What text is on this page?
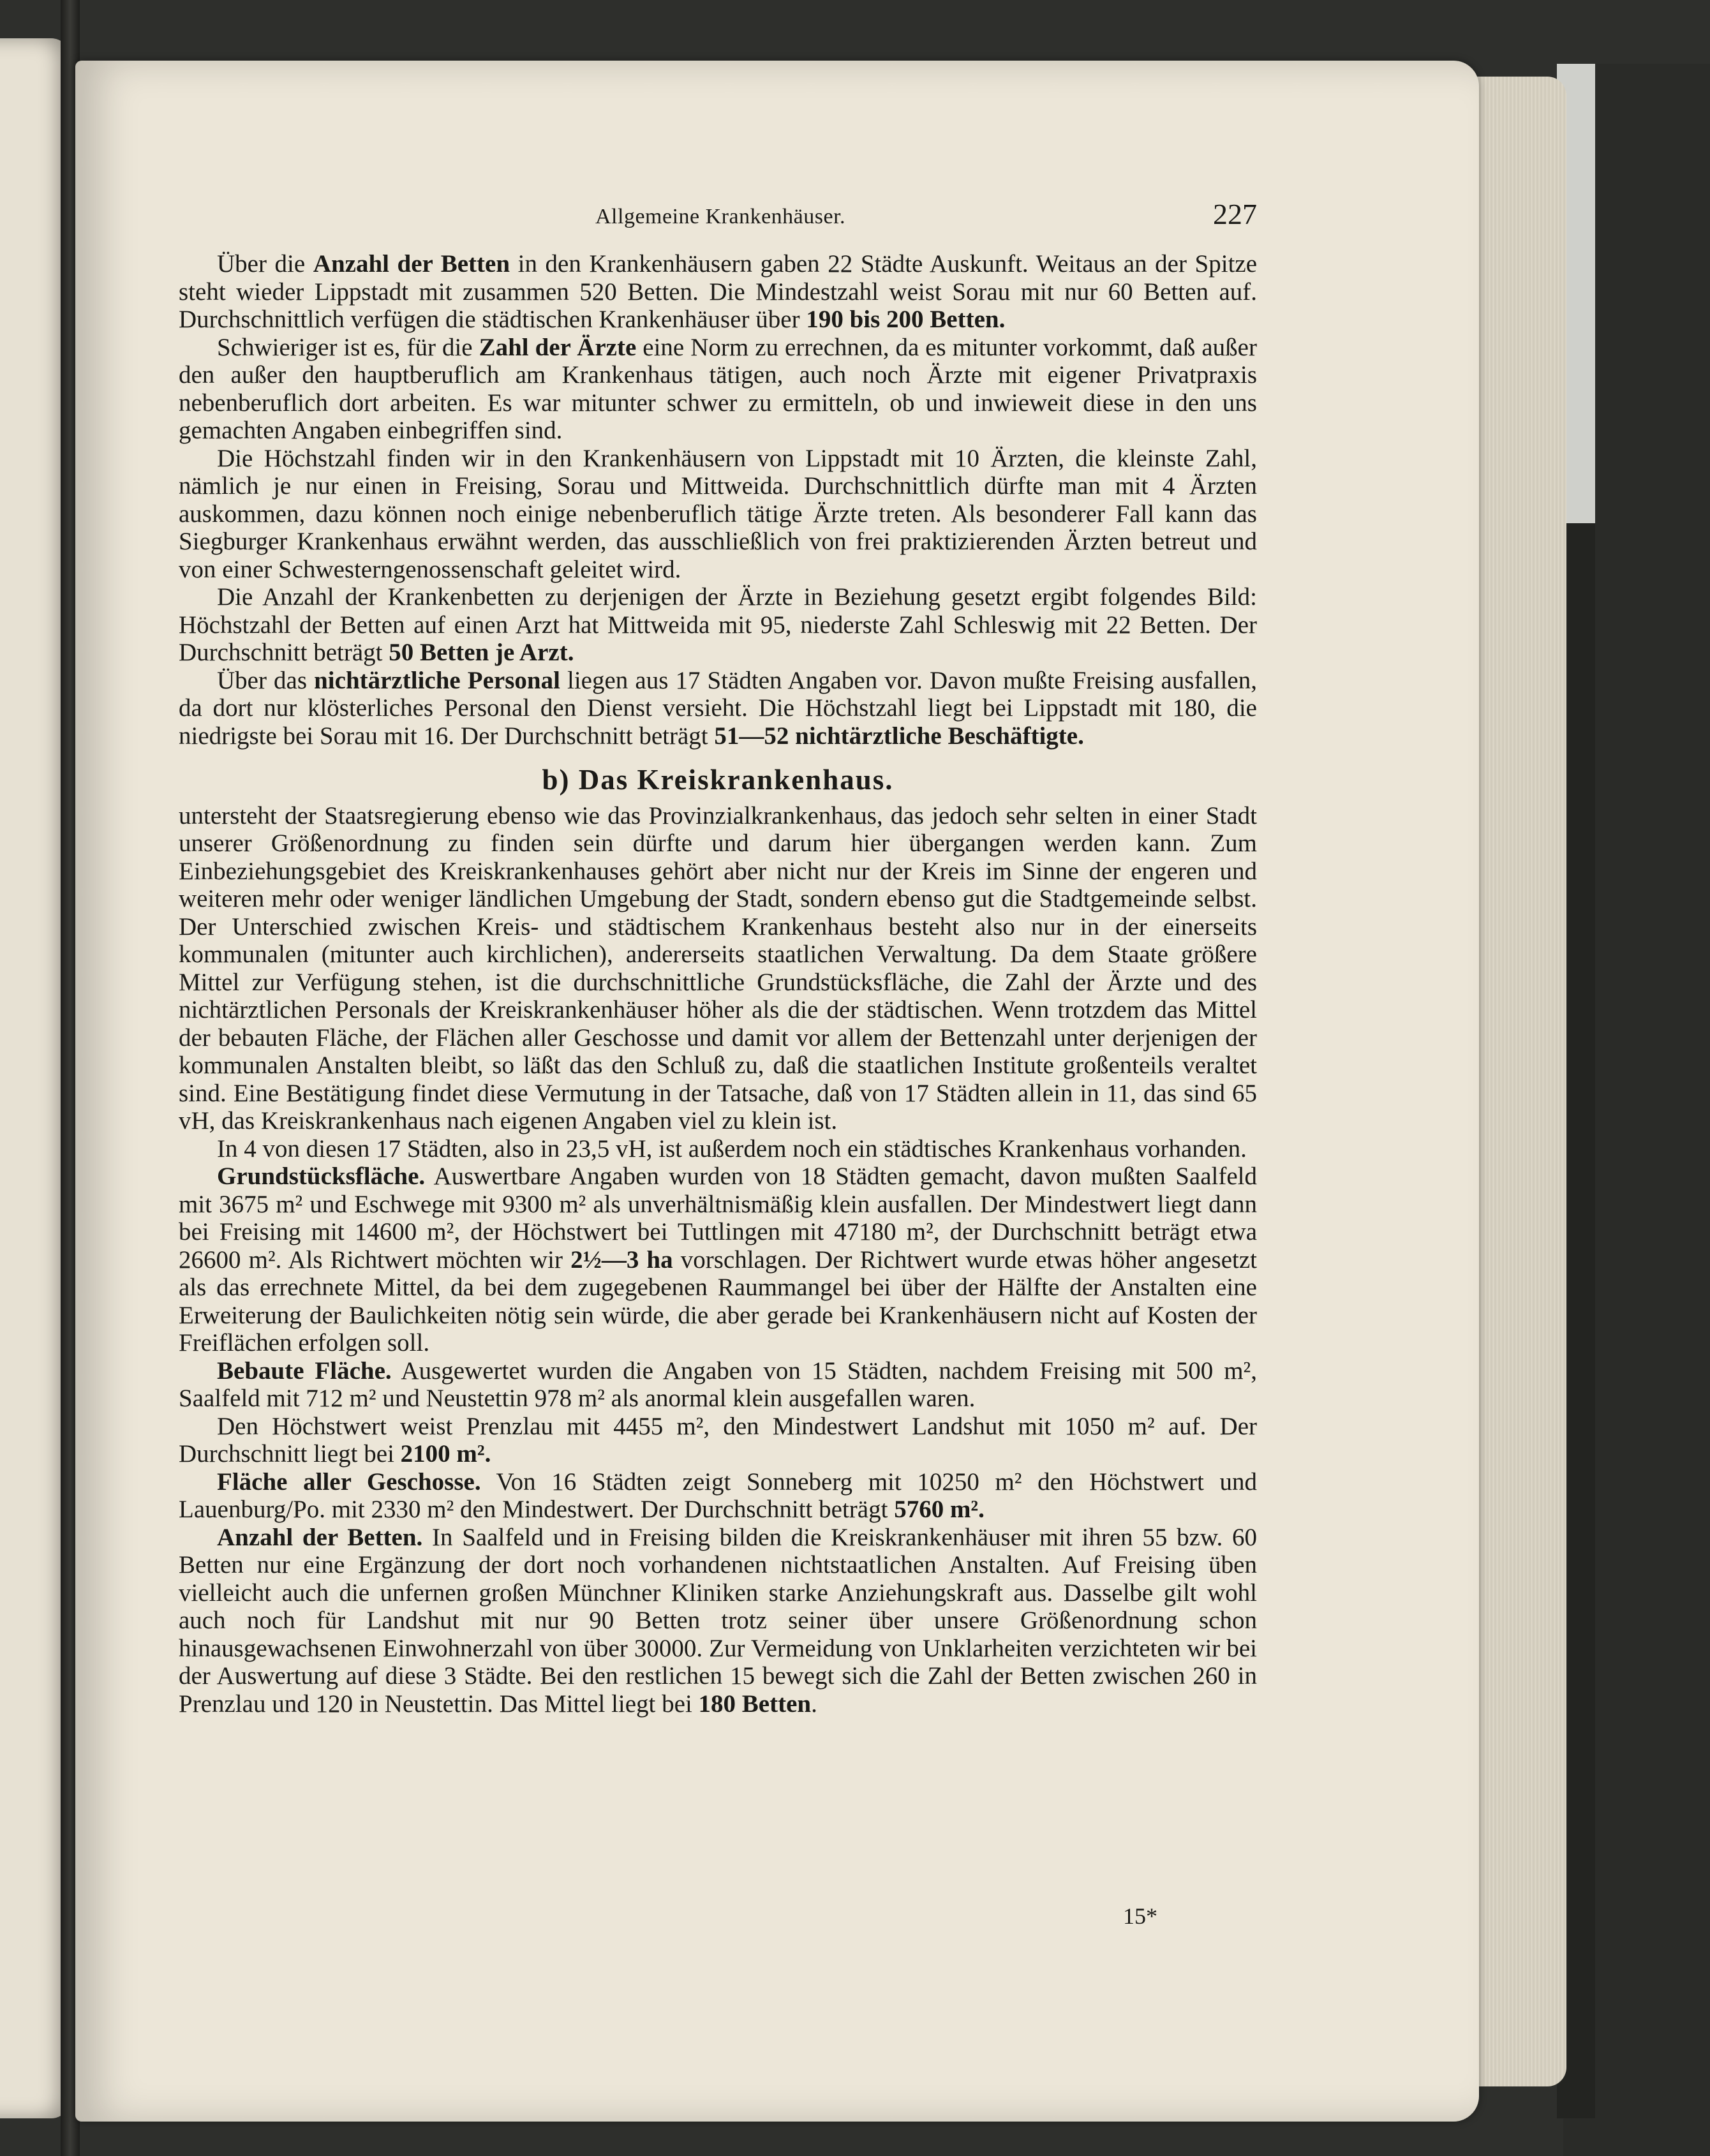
Allgemeine Krankenhäuser.	227

Über die Anzahl der Betten in den Krankenhäusern gaben 22 Städte Auskunft. Weitaus an der Spitze steht wieder Lippstadt mit zusammen 520 Betten. Die Mindestzahl weist Sorau mit nur 60 Betten auf. Durchschnittlich verfügen die städtischen Krankenhäuser über 190 bis 200 Betten.

Schwieriger ist es, für die Zahl der Ärzte eine Norm zu errechnen, da es mitunter vorkommt, daß außer den außer den hauptberuflich am Krankenhaus tätigen, auch noch Ärzte mit eigener Privatpraxis nebenberuflich dort arbeiten. Es war mitunter schwer zu ermitteln, ob und inwieweit diese in den uns gemachten Angaben einbegriffen sind.

Die Höchstzahl finden wir in den Krankenhäusern von Lippstadt mit 10 Ärzten, die kleinste Zahl, nämlich je nur einen in Freising, Sorau und Mittweida. Durchschnittlich dürfte man mit 4 Ärzten auskommen, dazu können noch einige nebenberuflich tätige Ärzte treten. Als besonderer Fall kann das Siegburger Krankenhaus erwähnt werden, das ausschließlich von frei praktizierenden Ärzten betreut und von einer Schwesterngenossenschaft geleitet wird.

Die Anzahl der Krankenbetten zu derjenigen der Ärzte in Beziehung gesetzt ergibt folgendes Bild: Höchstzahl der Betten auf einen Arzt hat Mittweida mit 95, niederste Zahl Schleswig mit 22 Betten. Der Durchschnitt beträgt 50 Betten je Arzt.

Über das nichtärztliche Personal liegen aus 17 Städten Angaben vor. Davon mußte Freising ausfallen, da dort nur klösterliches Personal den Dienst versieht. Die Höchstzahl liegt bei Lippstadt mit 180, die niedrigste bei Sorau mit 16. Der Durchschnitt beträgt 51—52 nichtärztliche Beschäftigte.

b) Das Kreiskrankenhaus.

untersteht der Staatsregierung ebenso wie das Provinzialkrankenhaus, das jedoch sehr selten in einer Stadt unserer Größenordnung zu finden sein dürfte und darum hier übergangen werden kann. Zum Einbeziehungsgebiet des Kreiskrankenhauses gehört aber nicht nur der Kreis im Sinne der engeren und weiteren mehr oder weniger ländlichen Umgebung der Stadt, sondern ebenso gut die Stadtgemeinde selbst. Der Unterschied zwischen Kreis- und städtischem Krankenhaus besteht also nur in der einerseits kommunalen (mitunter auch kirchlichen), andererseits staatlichen Verwaltung. Da dem Staate größere Mittel zur Verfügung stehen, ist die durchschnittliche Grundstücksfläche, die Zahl der Ärzte und des nichtärztlichen Personals der Kreiskrankenhäuser höher als die der städtischen. Wenn trotzdem das Mittel der bebauten Fläche, der Flächen aller Geschosse und damit vor allem der Bettenzahl unter derjenigen der kommunalen Anstalten bleibt, so läßt das den Schluß zu, daß die staatlichen Institute großenteils veraltet sind. Eine Bestätigung findet diese Vermutung in der Tatsache, daß von 17 Städten allein in 11, das sind 65 vH, das Kreiskrankenhaus nach eigenen Angaben viel zu klein ist.

In 4 von diesen 17 Städten, also in 23,5 vH, ist außerdem noch ein städtisches Krankenhaus vorhanden.

Grundstücksfläche. Auswertbare Angaben wurden von 18 Städten gemacht, davon mußten Saalfeld mit 3675 m² und Eschwege mit 9300 m² als unverhältnismäßig klein ausfallen. Der Mindestwert liegt dann bei Freising mit 14600 m², der Höchstwert bei Tuttlingen mit 47180 m², der Durchschnitt beträgt etwa 26600 m². Als Richtwert möchten wir 2½—3 ha vorschlagen. Der Richtwert wurde etwas höher angesetzt als das errechnete Mittel, da bei dem zugegebenen Raummangel bei über der Hälfte der Anstalten eine Erweiterung der Baulichkeiten nötig sein würde, die aber gerade bei Krankenhäusern nicht auf Kosten der Freiflächen erfolgen soll.

Bebaute Fläche. Ausgewertet wurden die Angaben von 15 Städten, nachdem Freising mit 500 m², Saalfeld mit 712 m² und Neustettin 978 m² als anormal klein ausgefallen waren.

Den Höchstwert weist Prenzlau mit 4455 m², den Mindestwert Landshut mit 1050 m² auf. Der Durchschnitt liegt bei 2100 m².

Fläche aller Geschosse. Von 16 Städten zeigt Sonneberg mit 10250 m² den Höchstwert und Lauenburg/Po. mit 2330 m² den Mindestwert. Der Durchschnitt beträgt 5760 m².

Anzahl der Betten. In Saalfeld und in Freising bilden die Kreiskrankenhäuser mit ihren 55 bzw. 60 Betten nur eine Ergänzung der dort noch vorhandenen nichtstaatlichen Anstalten. Auf Freising üben vielleicht auch die unfernen großen Münchner Kliniken starke Anziehungskraft aus. Dasselbe gilt wohl auch noch für Landshut mit nur 90 Betten trotz seiner über unsere Größenordnung schon hinausgewachsenen Einwohnerzahl von über 30000. Zur Vermeidung von Unklarheiten verzichteten wir bei der Auswertung auf diese 3 Städte. Bei den restlichen 15 bewegt sich die Zahl der Betten zwischen 260 in Prenzlau und 120 in Neustettin. Das Mittel liegt bei 180 Betten.

15*
